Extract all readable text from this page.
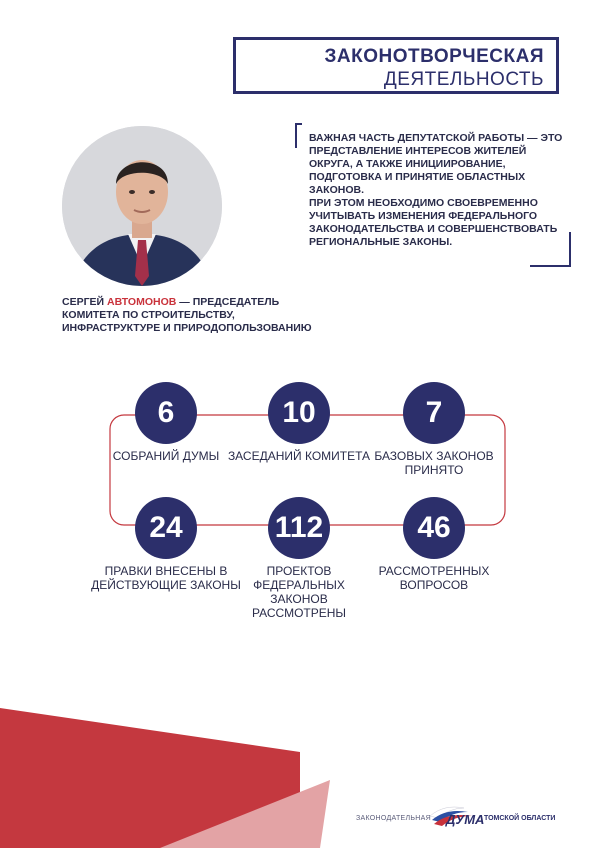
ЗАКОНОТВОРЧЕСКАЯ
ДЕЯТЕЛЬНОСТЬ

ВАЖНАЯ ЧАСТЬ ДЕПУТАТСКОЙ РАБОТЫ — ЭТО ПРЕДСТАВЛЕНИЕ ИНТЕРЕСОВ ЖИТЕЛЕЙ ОКРУГА, А ТАКЖЕ ИНИЦИИРОВАНИЕ, ПОДГОТОВКА И ПРИНЯТИЕ ОБЛАСТНЫХ ЗАКОНОВ.

ПРИ ЭТОМ НЕОБХОДИМО СВОЕВРЕМЕННО УЧИТЫВАТЬ ИЗМЕНЕНИЯ ФЕДЕРАЛЬНОГО ЗАКОНОДАТЕЛЬСТВА И СОВЕРШЕНСТВОВАТЬ РЕГИОНАЛЬНЫЕ ЗАКОНЫ.

СЕРГЕЙ АВТОМОНОВ — ПРЕДСЕДАТЕЛЬ КОМИТЕТА ПО СТРОИТЕЛЬСТВУ, ИНФРАСТРУКТУРЕ И ПРИРОДОПОЛЬЗОВАНИЮ
6
СОБРАНИЙ ДУМЫ
10
ЗАСЕДАНИЙ КОМИТЕТА
7
БАЗОВЫХ ЗАКОНОВ ПРИНЯТО
24
ПРАВКИ ВНЕСЕНЫ В ДЕЙСТВУЮЩИЕ ЗАКОНЫ
112
ПРОЕКТОВ ФЕДЕРАЛЬНЫХ ЗАКОНОВ РАССМОТРЕНЫ
46
РАССМОТРЕННЫХ ВОПРОСОВ
ЗАКОНОДАТЕЛЬНАЯ ДУМА ТОМСКОЙ ОБЛАСТИ
